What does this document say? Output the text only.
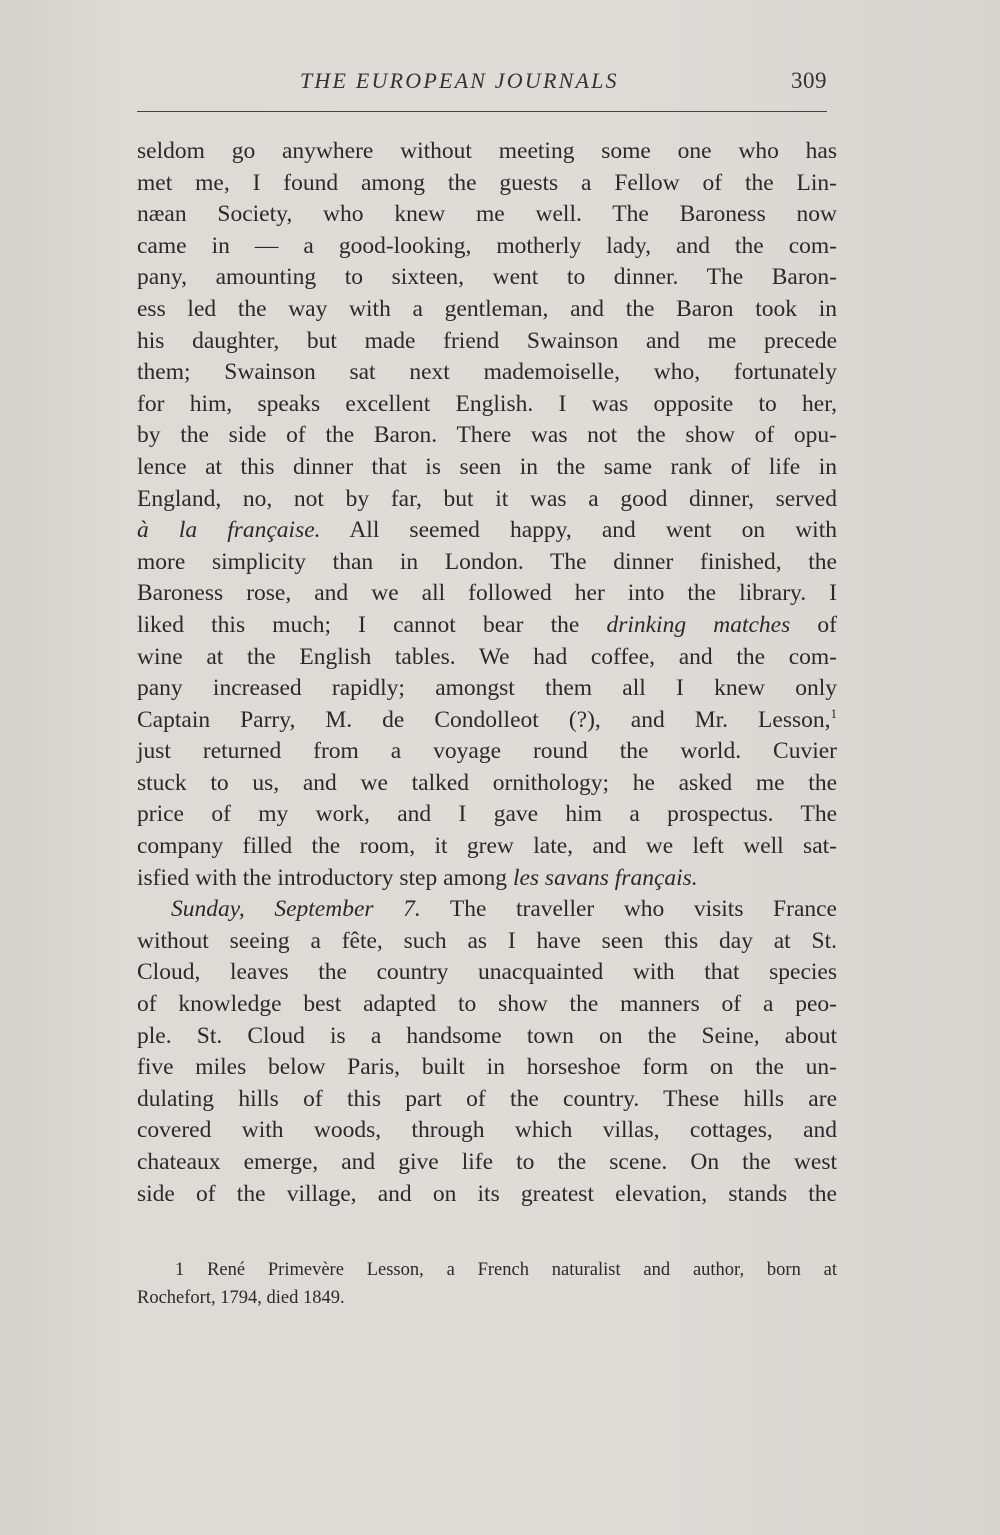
THE EUROPEAN JOURNALS	309
seldom go anywhere without meeting some one who has
met me, I found among the guests a Fellow of the Lin-
næan Society, who knew me well. The Baroness now
came in — a good-looking, motherly lady, and the com-
pany, amounting to sixteen, went to dinner. The Baron-
ess led the way with a gentleman, and the Baron took in
his daughter, but made friend Swainson and me precede
them; Swainson sat next mademoiselle, who, fortunately
for him, speaks excellent English. I was opposite to her,
by the side of the Baron. There was not the show of opu-
lence at this dinner that is seen in the same rank of life in
England, no, not by far, but it was a good dinner, served
à la française. All seemed happy, and went on with
more simplicity than in London. The dinner finished, the
Baroness rose, and we all followed her into the library. I
liked this much; I cannot bear the drinking matches of
wine at the English tables. We had coffee, and the com-
pany increased rapidly; amongst them all I knew only
Captain Parry, M. de Condolleot (?), and Mr. Lesson,$^1$
just returned from a voyage round the world. Cuvier
stuck to us, and we talked ornithology; he asked me the
price of my work, and I gave him a prospectus. The
company filled the room, it grew late, and we left well sat-
isfied with the introductory step among les savans français.
Sunday, September 7. The traveller who visits France
without seeing a fête, such as I have seen this day at St.
Cloud, leaves the country unacquainted with that species
of knowledge best adapted to show the manners of a peo-
ple. St. Cloud is a handsome town on the Seine, about
five miles below Paris, built in horseshoe form on the un-
dulating hills of this part of the country. These hills are
covered with woods, through which villas, cottages, and
chateaux emerge, and give life to the scene. On the west
side of the village, and on its greatest elevation, stands the
1 René Primevère Lesson, a French naturalist and author, born at
Rochefort, 1794, died 1849.
